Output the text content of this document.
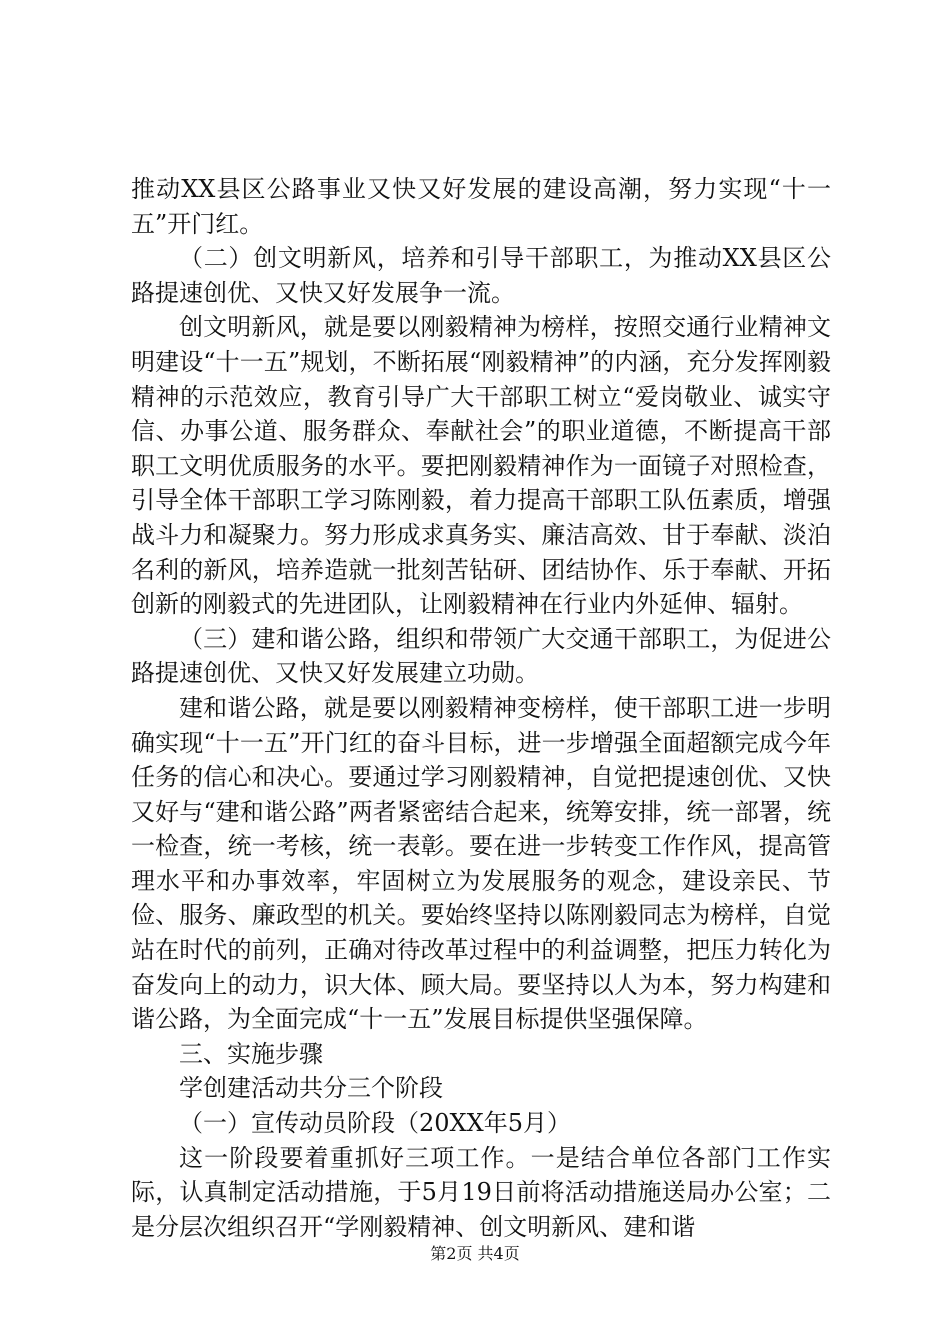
推动XX县区公路事业又快又好发展的建设高潮，努力实现“十一五”开门红。

（二）创文明新风，培养和引导干部职工，为推动XX县区公路提速创优、又快又好发展争一流。

创文明新风，就是要以刚毅精神为榜样，按照交通行业精神文明建设“十一五”规划，不断拓展“刚毅精神”的内涵，充分发挥刚毅精神的示范效应，教育引导广大干部职工树立“爱岗敬业、诚实守信、办事公道、服务群众、奉献社会”的职业道德，不断提高干部职工文明优质服务的水平。要把刚毅精神作为一面镜子对照检查，引导全体干部职工学习陈刚毅，着力提高干部职工队伍素质，增强战斗力和凝聚力。努力形成求真务实、廉洁高效、甘于奉献、淡泊名利的新风，培养造就一批刻苦钻研、团结协作、乐于奉献、开拓创新的刚毅式的先进团队，让刚毅精神在行业内外延伸、辐射。

（三）建和谐公路，组织和带领广大交通干部职工，为促进公路提速创优、又快又好发展建立功勋。

建和谐公路，就是要以刚毅精神变榜样，使干部职工进一步明确实现“十一五”开门红的奋斗目标，进一步增强全面超额完成今年任务的信心和决心。要通过学习刚毅精神，自觉把提速创优、又快又好与“建和谐公路”两者紧密结合起来，统筹安排，统一部署，统一检查，统一考核，统一表彰。要在进一步转变工作作风，提高管理水平和办事效率，牢固树立为发展服务的观念，建设亲民、节俭、服务、廉政型的机关。要始终坚持以陈刚毅同志为榜样，自觉站在时代的前列，正确对待改革过程中的利益调整，把压力转化为奋发向上的动力，识大体、顾大局。要坚持以人为本，努力构建和谐公路，为全面完成“十一五”发展目标提供坚强保障。

三、实施步骤

学创建活动共分三个阶段

（一）宣传动员阶段（20XX年5月）

这一阶段要着重抓好三项工作。一是结合单位各部门工作实际，认真制定活动措施，于5月19日前将活动措施送局办公室；二是分层次组织召开“学刚毅精神、创文明新风、建和谐

第2页 共4页
